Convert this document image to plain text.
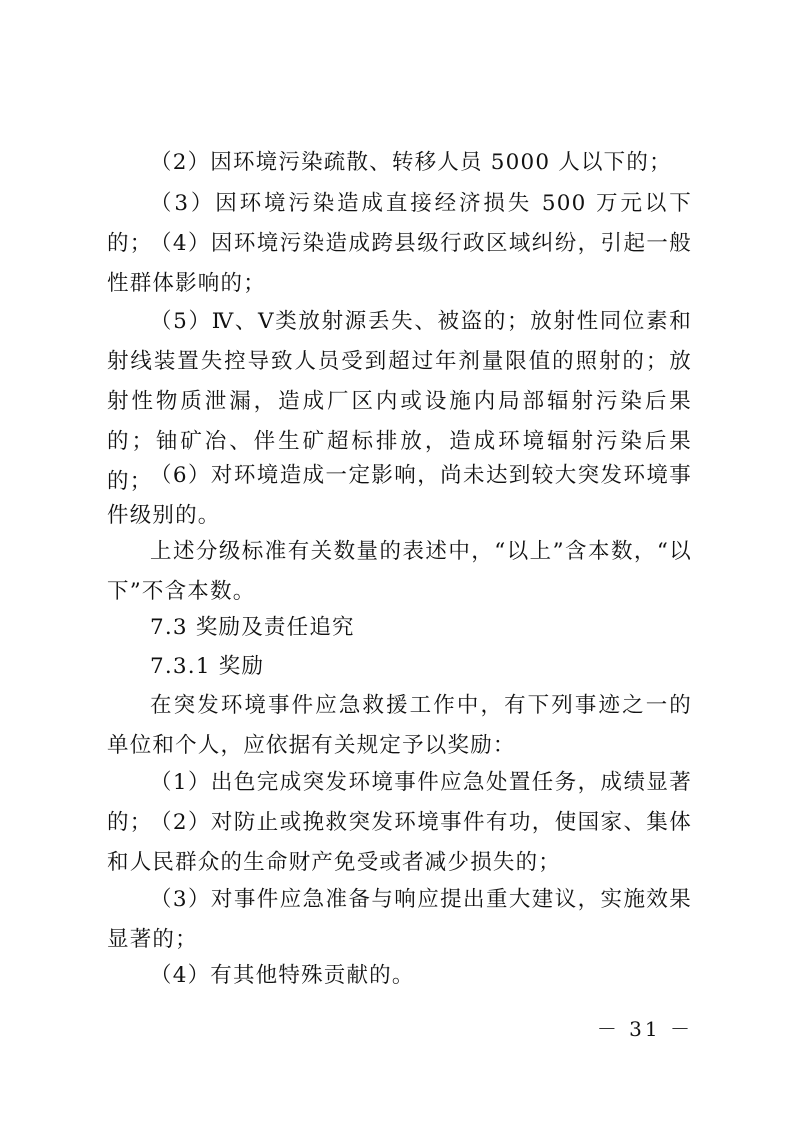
（2）因环境污染疏散、转移人员 5000 人以下的；

（3）因环境污染造成直接经济损失 500 万元以下的；

（4）因环境污染造成跨县级行政区域纠纷，引起一般性群体影响的；

（5）Ⅳ、Ⅴ类放射源丢失、被盗的；放射性同位素和射线装置失控导致人员受到超过年剂量限值的照射的；放射性物质泄漏，造成厂区内或设施内局部辐射污染后果的；铀矿冶、伴生矿超标排放，造成环境辐射污染后果的；

（6）对环境造成一定影响，尚未达到较大突发环境事件级别的。

上述分级标准有关数量的表述中，“以上”含本数，“以下”不含本数。

7.3 奖励及责任追究

7.3.1 奖励

在突发环境事件应急救援工作中，有下列事迹之一的单位和个人，应依据有关规定予以奖励：

（1）出色完成突发环境事件应急处置任务，成绩显著的；

（2）对防止或挽救突发环境事件有功，使国家、集体和人民群众的生命财产免受或者减少损失的；

（3）对事件应急准备与响应提出重大建议，实施效果显著的；

（4）有其他特殊贡献的。

－ 31 －
